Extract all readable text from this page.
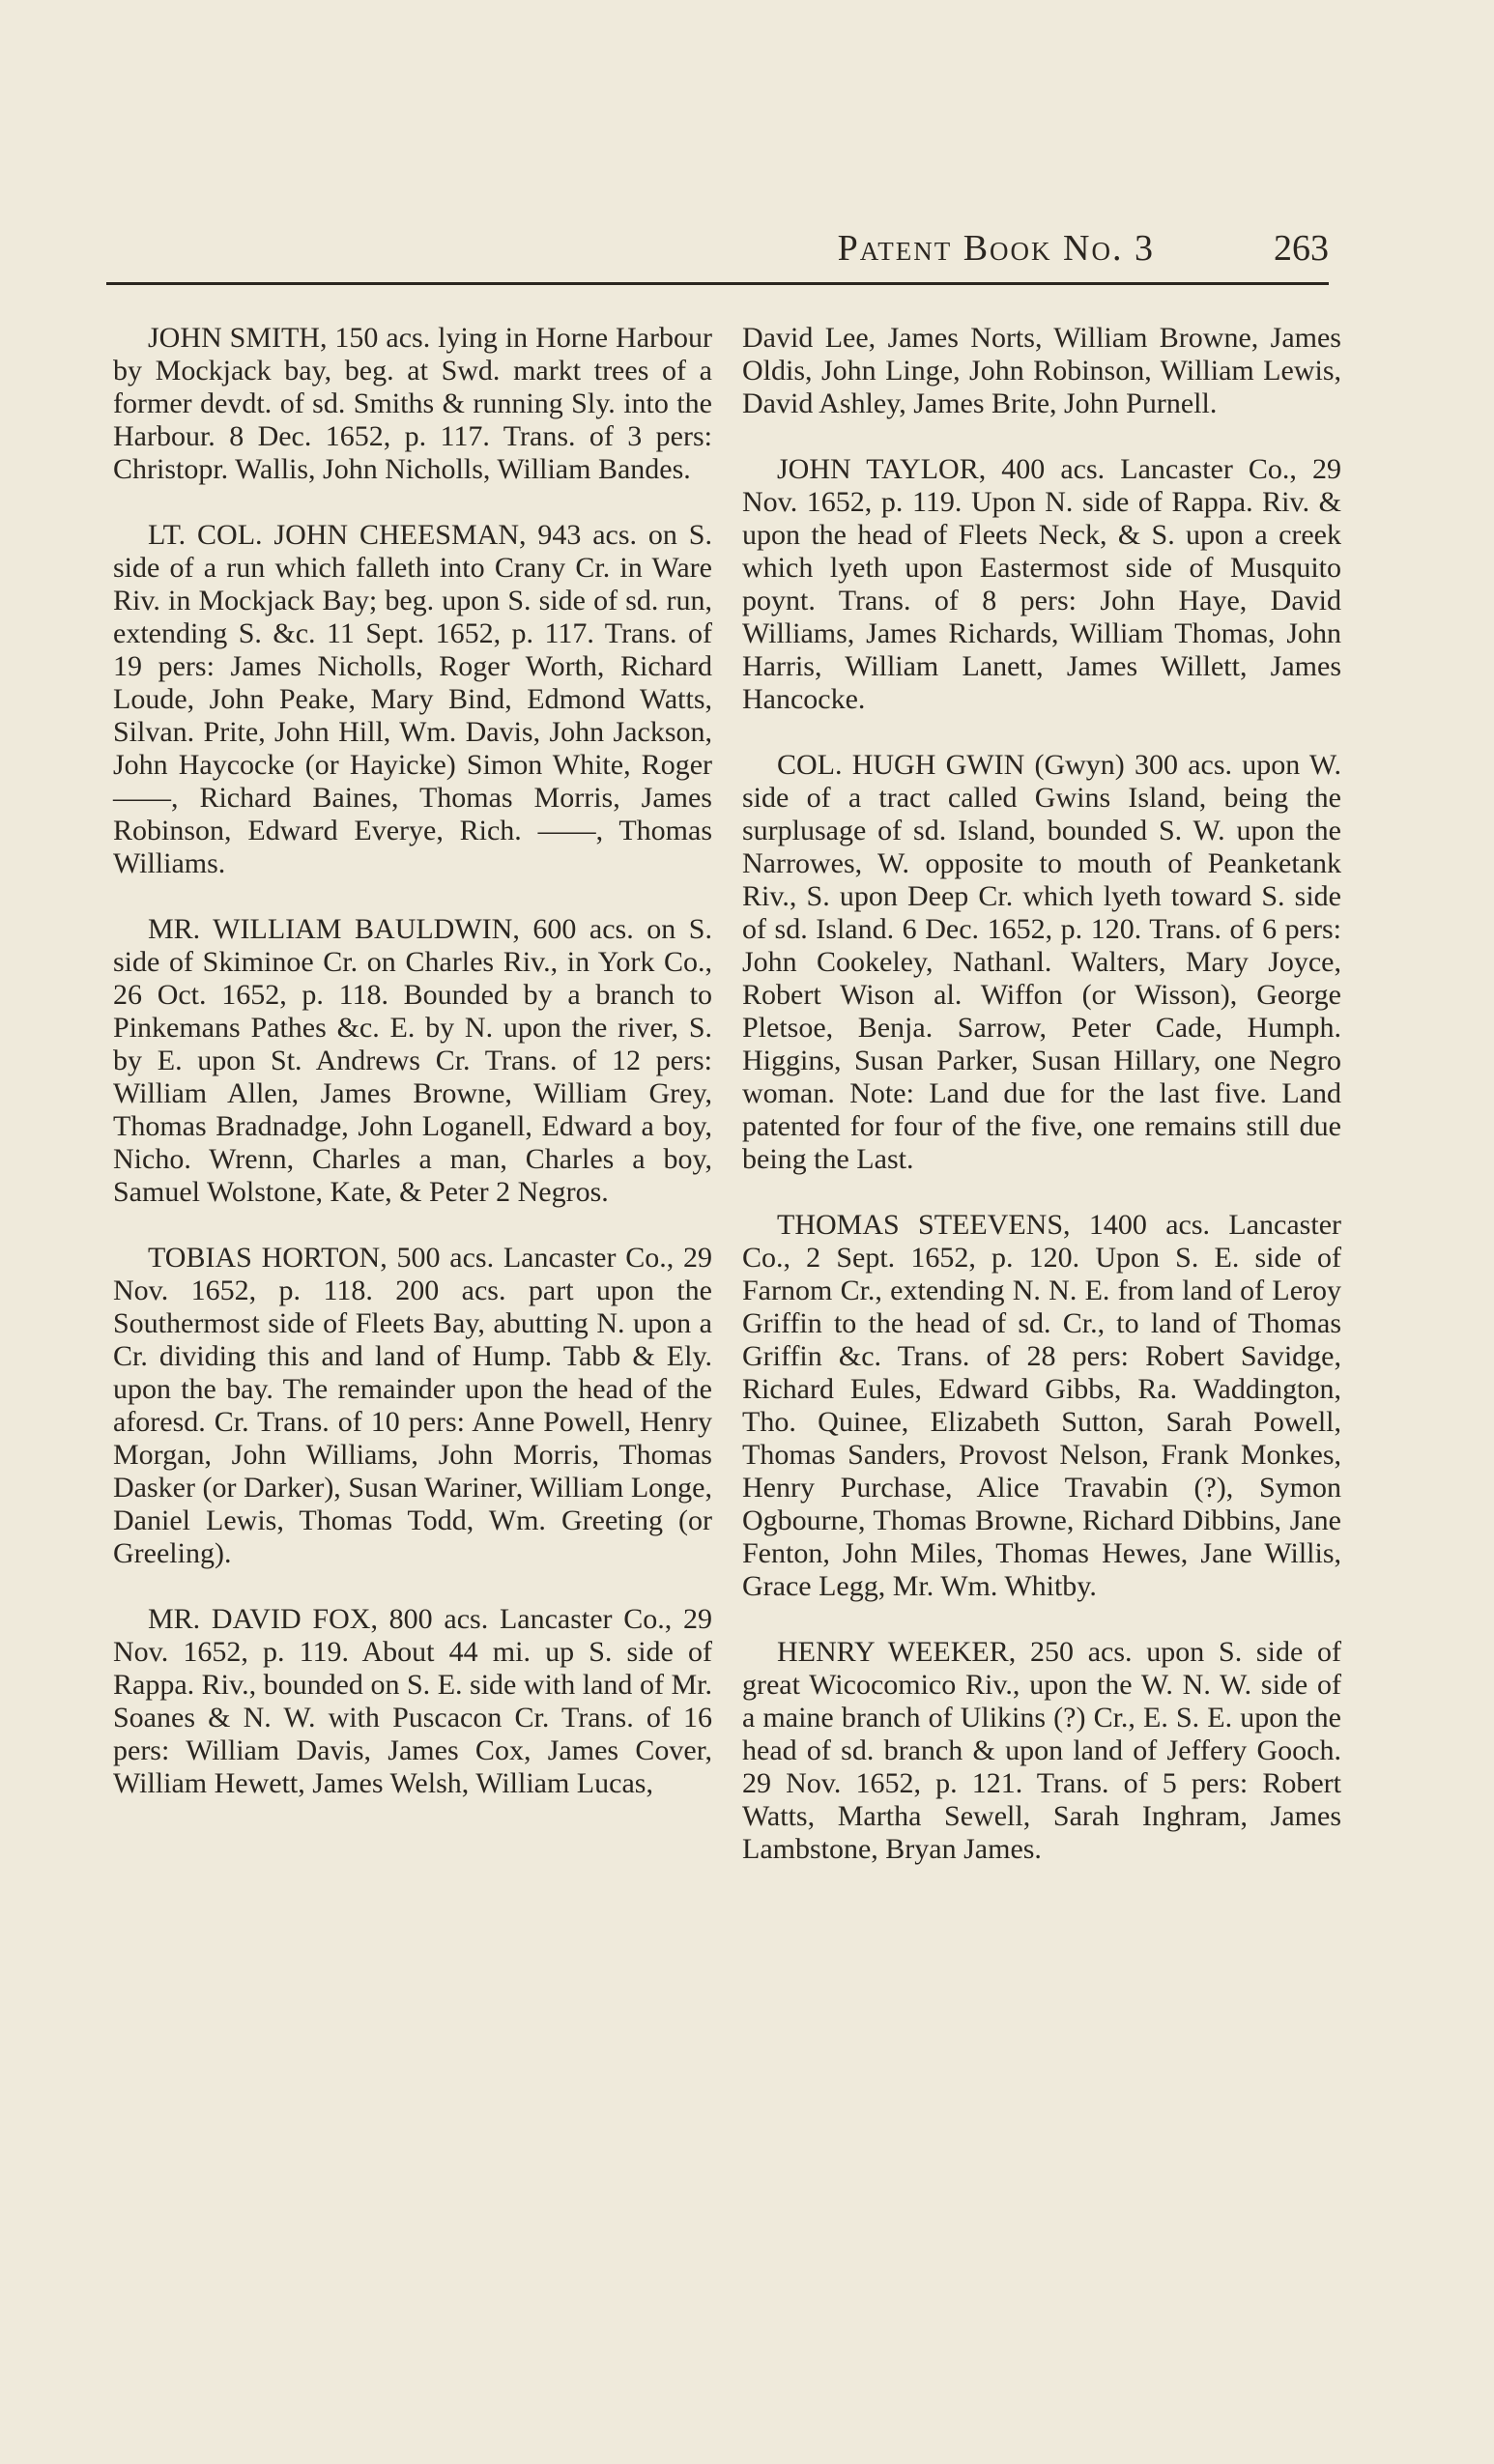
Patent Book No. 3	263

JOHN SMITH, 150 acs. lying in Horne Harbour by Mockjack bay, beg. at Swd. markt trees of a former devdt. of sd. Smiths & running Sly. into the Harbour. 8 Dec. 1652, p. 117. Trans. of 3 pers: Christopr. Wallis, John Nicholls, William Bandes.

LT. COL. JOHN CHEESMAN, 943 acs. on S. side of a run which falleth into Crany Cr. in Ware Riv. in Mockjack Bay; beg. upon S. side of sd. run, extending S. &c. 11 Sept. 1652, p. 117. Trans. of 19 pers: James Nicholls, Roger Worth, Richard Loude, John Peake, Mary Bind, Edmond Watts, Silvan. Prite, John Hill, Wm. Davis, John Jackson, John Haycocke (or Hayicke) Simon White, Roger ——, Richard Baines, Thomas Morris, James Robinson, Edward Everye, Rich. ——, Thomas Williams.

MR. WILLIAM BAULDWIN, 600 acs. on S. side of Skiminoe Cr. on Charles Riv., in York Co., 26 Oct. 1652, p. 118. Bounded by a branch to Pinkemans Pathes &c. E. by N. upon the river, S. by E. upon St. Andrews Cr. Trans. of 12 pers: William Allen, James Browne, William Grey, Thomas Bradnadge, John Loganell, Edward a boy, Nicho. Wrenn, Charles a man, Charles a boy, Samuel Wolstone, Kate, & Peter 2 Negros.

TOBIAS HORTON, 500 acs. Lancaster Co., 29 Nov. 1652, p. 118. 200 acs. part upon the Southermost side of Fleets Bay, abutting N. upon a Cr. dividing this and land of Hump. Tabb & Ely. upon the bay. The remainder upon the head of the aforesd. Cr. Trans. of 10 pers: Anne Powell, Henry Morgan, John Williams, John Morris, Thomas Dasker (or Darker), Susan Wariner, William Longe, Daniel Lewis, Thomas Todd, Wm. Greeting (or Greeling).

MR. DAVID FOX, 800 acs. Lancaster Co., 29 Nov. 1652, p. 119. About 44 mi. up S. side of Rappa. Riv., bounded on S. E. side with land of Mr. Soanes & N. W. with Puscacon Cr. Trans. of 16 pers: William Davis, James Cox, James Cover, William Hewett, James Welsh, William Lucas,

David Lee, James Norts, William Browne, James Oldis, John Linge, John Robinson, William Lewis, David Ashley, James Brite, John Purnell.

JOHN TAYLOR, 400 acs. Lancaster Co., 29 Nov. 1652, p. 119. Upon N. side of Rappa. Riv. & upon the head of Fleets Neck, & S. upon a creek which lyeth upon Eastermost side of Musquito poynt. Trans. of 8 pers: John Haye, David Williams, James Richards, William Thomas, John Harris, William Lanett, James Willett, James Hancocke.

COL. HUGH GWIN (Gwyn) 300 acs. upon W. side of a tract called Gwins Island, being the surplusage of sd. Island, bounded S. W. upon the Narrowes, W. opposite to mouth of Peanketank Riv., S. upon Deep Cr. which lyeth toward S. side of sd. Island. 6 Dec. 1652, p. 120. Trans. of 6 pers: John Cookeley, Nathanl. Walters, Mary Joyce, Robert Wison al. Wiffon (or Wisson), George Pletsoe, Benja. Sarrow, Peter Cade, Humph. Higgins, Susan Parker, Susan Hillary, one Negro woman. Note: Land due for the last five. Land patented for four of the five, one remains still due being the Last.

THOMAS STEEVENS, 1400 acs. Lancaster Co., 2 Sept. 1652, p. 120. Upon S. E. side of Farnom Cr., extending N. N. E. from land of Leroy Griffin to the head of sd. Cr., to land of Thomas Griffin &c. Trans. of 28 pers: Robert Savidge, Richard Eules, Edward Gibbs, Ra. Waddington, Tho. Quinee, Elizabeth Sutton, Sarah Powell, Thomas Sanders, Provost Nelson, Frank Monkes, Henry Purchase, Alice Travabin (?), Symon Ogbourne, Thomas Browne, Richard Dibbins, Jane Fenton, John Miles, Thomas Hewes, Jane Willis, Grace Legg, Mr. Wm. Whitby.

HENRY WEEKER, 250 acs. upon S. side of great Wicocomico Riv., upon the W. N. W. side of a maine branch of Ulikins (?) Cr., E. S. E. upon the head of sd. branch & upon land of Jeffery Gooch. 29 Nov. 1652, p. 121. Trans. of 5 pers: Robert Watts, Martha Sewell, Sarah Inghram, James Lambstone, Bryan James.
